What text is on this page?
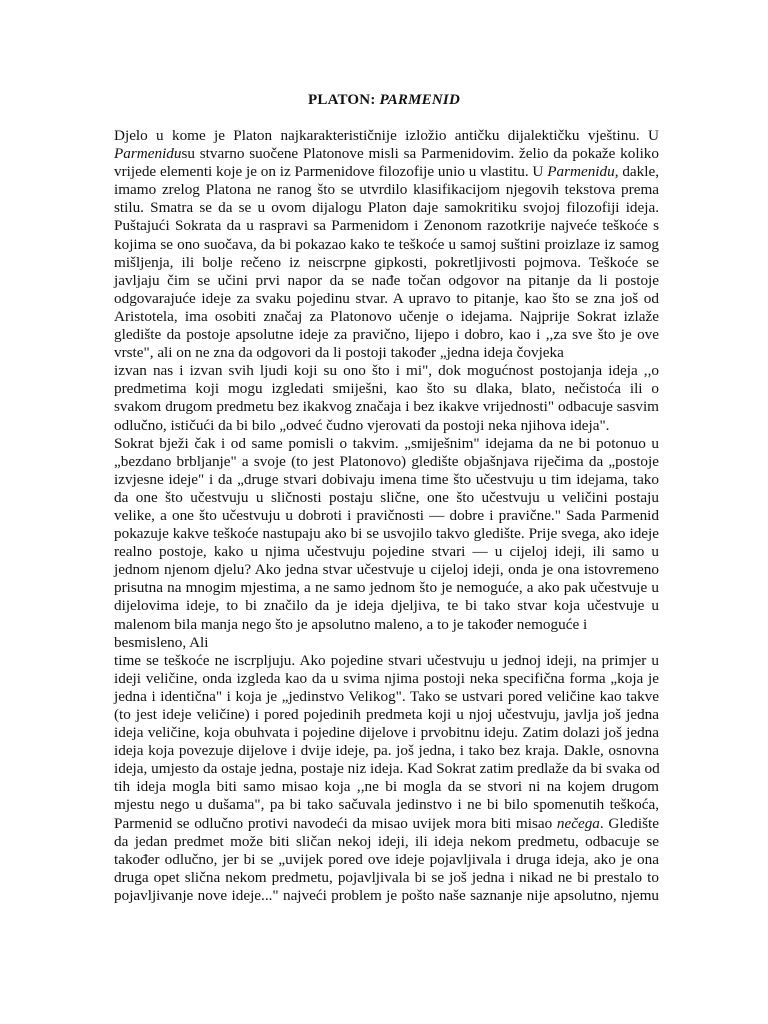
PLATON: PARMENID
Djelo u kome je Platon najkarakterističnije izložio antičku dijalektičku vještinu. U
Parmenidusu stvarno suočene Platonove misli sa Parmenidovim. želio da pokaže koliko
vrijede elementi koje je on iz Parmenidove filozofije unio u vlastitu. U Parmenidu, dakle,
imamo zrelog Platona ne ranog što se utvrdilo klasifikacijom njegovih tekstova prema
stilu. Smatra se da se u ovom dijalogu Platon daje samokritiku svojoj filozofiji ideja.
Puštajući Sokrata da u raspravi sa Parmenidom i Zenonom razotkrije najveće teškoće s
kojima se ono suočava, da bi pokazao kako te teškoće u samoj suštini proizlaze iz samog
mišljenja, ili bolje rečeno iz neiscrpne gipkosti, pokretljivosti pojmova. Teškoće se
javljaju čim se učini prvi napor da se nađe točan odgovor na pitanje da li postoje
odgovarajuće ideje za svaku pojedinu stvar. A upravo to pitanje, kao što se zna još od
Aristotela, ima osobiti značaj za Platonovo učenje o idejama. Najprije Sokrat izlaže
gledište da postoje apsolutne ideje za pravično, lijepo i dobro, kao i ,,za sve što je ove
vrste", ali on ne zna da odgovori da li postoji također „jedna ideja čovjeka
izvan nas i izvan svih ljudi koji su ono što i mi", dok mogućnost postojanja ideja ,,o
predmetima koji mogu izgledati smiješni, kao što su dlaka, blato, nečistoća ili o
svakom drugom predmetu bez ikakvog značaja i bez ikakve vrijednosti" odbacuje sasvim
odlučno, ističući da bi bilo „odveć čudno vjerovati da postoji neka njihova ideja".
Sokrat bježi čak i od same pomisli o takvim. „smiješnim" idejama da ne bi potonuo u
„bezdano brbljanje" a svoje (to jest Platonovo) gledište objašnjava riječima da „postoje
izvjesne ideje" i da „druge stvari dobivaju imena time što učestvuju u tim idejama, tako
da one što učestvuju u sličnosti postaju slične, one što učestvuju u veličini postaju
velike, a one što učestvuju u dobroti i pravičnosti — dobre i pravične." Sada Parmenid
pokazuje kakve teškoće nastupaju ako bi se usvojilo takvo gledište. Prije svega, ako ideje
realno postoje, kako u njima učestvuju pojedine stvari — u cijeloj ideji, ili samo u
jednom njenom djelu? Ako jedna stvar učestvuje u cijeloj ideji, onda je ona istovremeno
prisutna na mnogim mjestima, a ne samo jednom što je nemoguće, a ako pak učestvuje u
dijelovima ideje, to bi značilo da je ideja djeljiva, te bi tako stvar koja učestvuje u
malenom bila manja nego što je apsolutno maleno, a to je također nemoguće i
besmisleno, Ali
time se teškoće ne iscrpljuju. Ako pojedine stvari učestvuju u jednoj ideji, na primjer u
ideji veličine, onda izgleda kao da u svima njima postoji neka specifična forma „koja je
jedna i identična" i koja je „jedinstvo Velikog". Tako se ustvari pored veličine kao takve
(to jest ideje veličine) i pored pojedinih predmeta koji u njoj učestvuju, javlja još jedna
ideja veličine, koja obuhvata i pojedine dijelove i prvobitnu ideju. Zatim dolazi još jedna
ideja koja povezuje dijelove i dvije ideje, pa. još jedna, i tako bez kraja. Dakle, osnovna
ideja, umjesto da ostaje jedna, postaje niz ideja. Kad Sokrat zatim predlaže da bi svaka od
tih ideja mogla biti samo misao koja ,,ne bi mogla da se stvori ni na kojem drugom
mjestu nego u dušama", pa bi tako sačuvala jedinstvo i ne bi bilo spomenutih teškoća,
Parmenid se odlučno protivi navodeći da misao uvijek mora biti misao nečega. Gledište
da jedan predmet može biti sličan nekoj ideji, ili ideja nekom predmetu, odbacuje se
također odlučno, jer bi se „uvijek pored ove ideje pojavljivala i druga ideja, ako je ona
druga opet slična nekom predmetu, pojavljivala bi se još jedna i nikad ne bi prestalo to
pojavljivanje nove ideje..." najveći problem je pošto naše saznanje nije apsolutno, njemu
